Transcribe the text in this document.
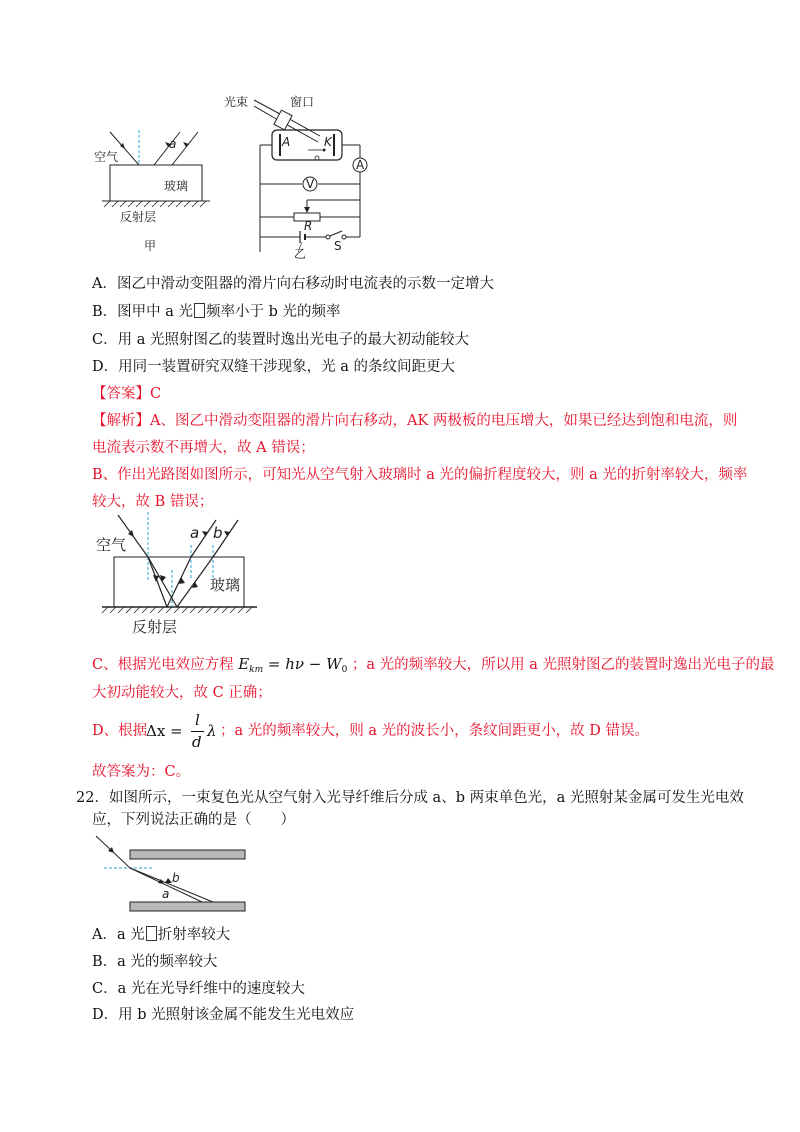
空气
玻璃
反射层
a
甲
光束	窗口
A	K
A
V
R
S
乙
A．图乙中滑动变阻器的滑片向右移动时电流表的示数一定增大
B．图甲中 a 光 频率小于 b 光的频率
C．用 a 光照射图乙的装置时逸出光电子的最大初动能较大
D．用同一装置研究双缝干涉现象，光 a 的条纹间距更大
【答案】C
【解析】A、图乙中滑动变阻器的滑片向右移动，AK 两极板的电压增大，如果已经达到饱和电流，则
电流表示数不再增大，故 A 错误；
B、作出光路图如图所示，可知光从空气射入玻璃时 a 光的偏折程度较大，则 a 光的折射率较大，频率
较大，故 B 错误；
空气
玻璃
反射层
a b
C、根据光电效应方程 $E_{km} = h\nu - W_0$ ；a 光的频率较大，所以用 a 光照射图乙的装置时逸出光电子的最
大初动能较大，故 C 正确；
D、根据
Δx =
l
d
λ ；a 光的频率较大，则 a 光的波长小，条纹间距更小，故 D 错误。
故答案为：C。
22．如图所示，一束复色光从空气射入光导纤维后分成 a、b 两束单色光，a 光照射某金属可发生光电效
应，下列说法正确的是（　　）
b
a
A．a 光 折射率较大
B．a 光的频率较大
C．a 光在光导纤维中的速度较大
D．用 b 光照射该金属不能发生光电效应
